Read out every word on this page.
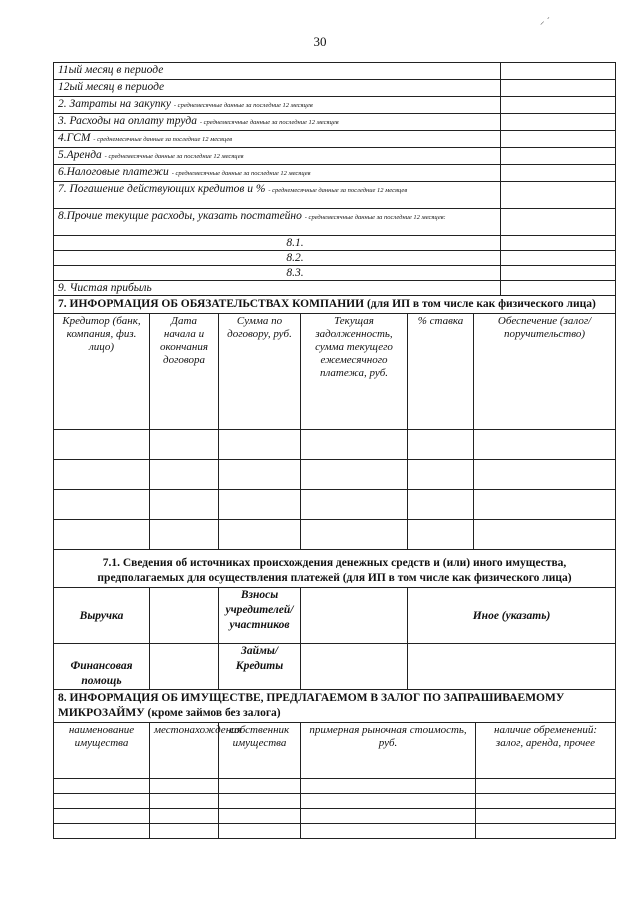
30
⸝ ´
11ый месяц в периоде	
12ый месяц в периоде	
2. Затраты на закупку - среднемесячные данные за последние 12 месяцев	
3. Расходы на оплату труда - среднемесячные данные за последние 12 месяцев	
4.ГСМ - среднемесячные данные за последние 12 месяцев	
5.Аренда - среднемесячные данные за последние 12 месяцев	
6.Налоговые платежи - среднемесячные данные за последние 12 месяцев	
7. Погашение действующих кредитов и % - среднемесячные данные за последние 12 месяцев	
8.Прочие текущие расходы, указать постатейно - среднемесячные данные за последние 12 месяцев:	
8.1.	
8.2.	
8.3.	
9. Чистая прибыль	
7. ИНФОРМАЦИЯ ОБ ОБЯЗАТЕЛЬСТВАХ КОМПАНИИ (для ИП в том числе как физического лица)					
Кредитор (банк, компания, физ. лицо)	Дата начала и окончания договора	Сумма по договору, руб.	Текущая задолженность, сумма текущего ежемесячного платежа, руб.	% ставка	Обеспечение (залог/поручительство)

7.1. Сведения об источниках происхождения денежных средств и (или) иного имущества, предполагаемых для осуществления платежей (для ИП в том числе как физического лица)				
Выручка		Взносы учредителей/участников		Иное (указать)
Финансовая помощь		Займы/Кредиты		
8. ИНФОРМАЦИЯ ОБ ИМУЩЕСТВЕ, ПРЕДЛАГАЕМОМ В ЗАЛОГ ПО ЗАПРАШИВАЕМОМУ МИКРОЗАЙМУ (кроме займов без залога)				
наименование имущества	местонахождения	собственник имущества	примерная рыночная стоимость, руб.	наличие обременений: залог, аренда, прочее
